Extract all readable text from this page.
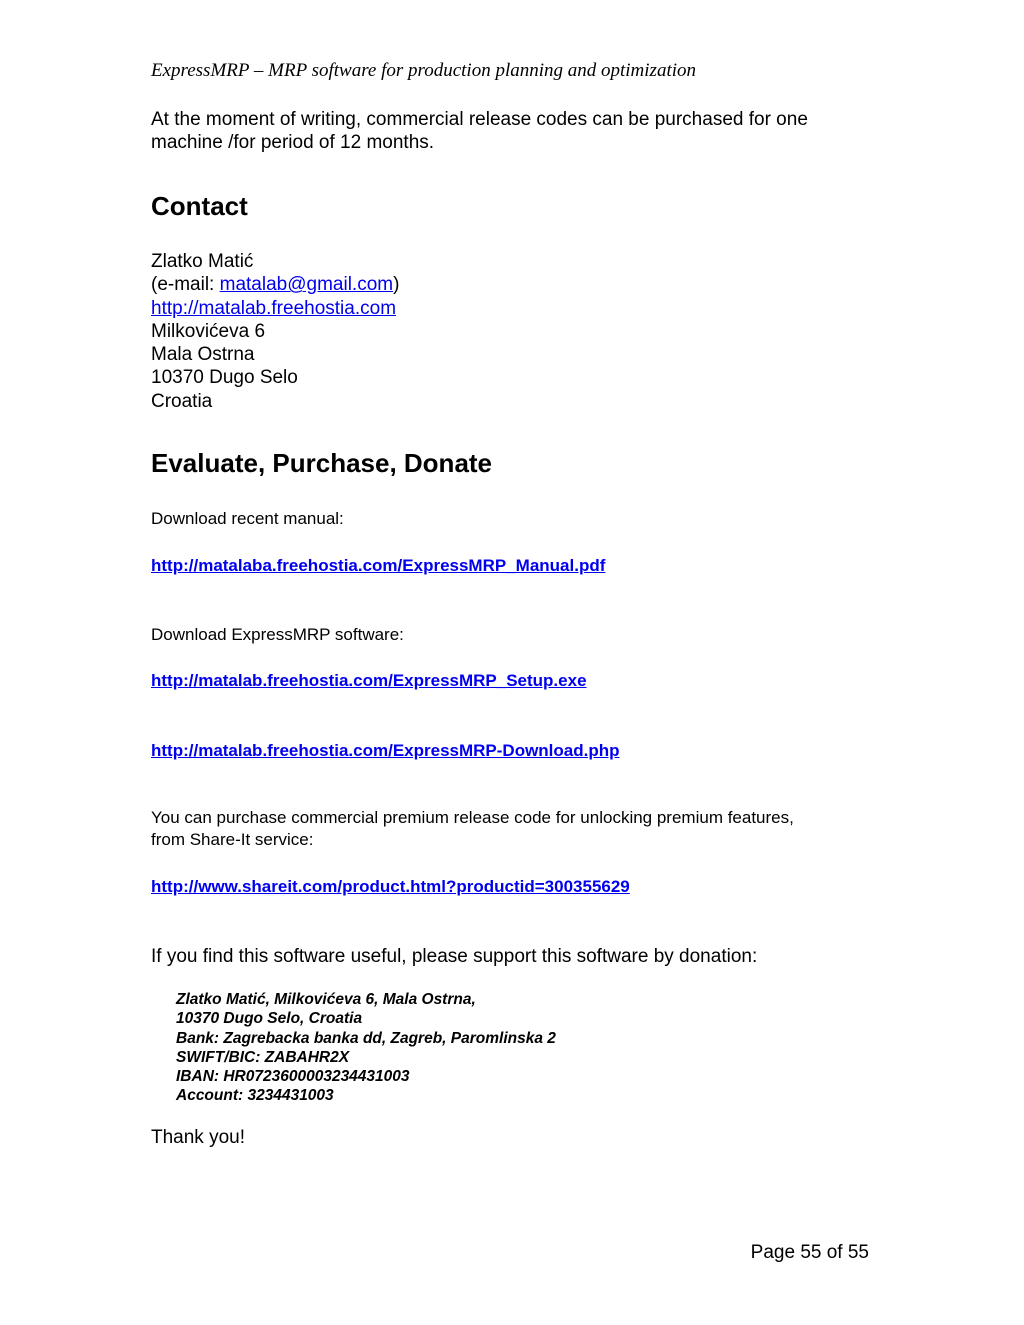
ExpressMRP – MRP software for production planning and optimization
At the moment of writing, commercial release codes can be purchased for one machine /for period of 12 months.
Contact
Zlatko Matić
(e-mail: matalab@gmail.com)
http://matalab.freehostia.com
Milkovićeva 6
Mala Ostrna
10370 Dugo Selo
Croatia
Evaluate, Purchase, Donate
Download recent manual:
http://matalaba.freehostia.com/ExpressMRP_Manual.pdf
Download ExpressMRP software:
http://matalab.freehostia.com/ExpressMRP_Setup.exe
http://matalab.freehostia.com/ExpressMRP-Download.php
You can purchase commercial premium release code for unlocking premium features,
from Share-It service:
http://www.shareit.com/product.html?productid=300355629
If you find this software useful, please support this software by donation:
Zlatko Matić, Milkovićeva 6, Mala Ostrna,
10370 Dugo Selo, Croatia
Bank: Zagrebacka banka dd, Zagreb, Paromlinska 2
SWIFT/BIC: ZABAHR2X
IBAN: HR0723600003234431003
Account: 3234431003
Thank you!
Page 55 of 55
